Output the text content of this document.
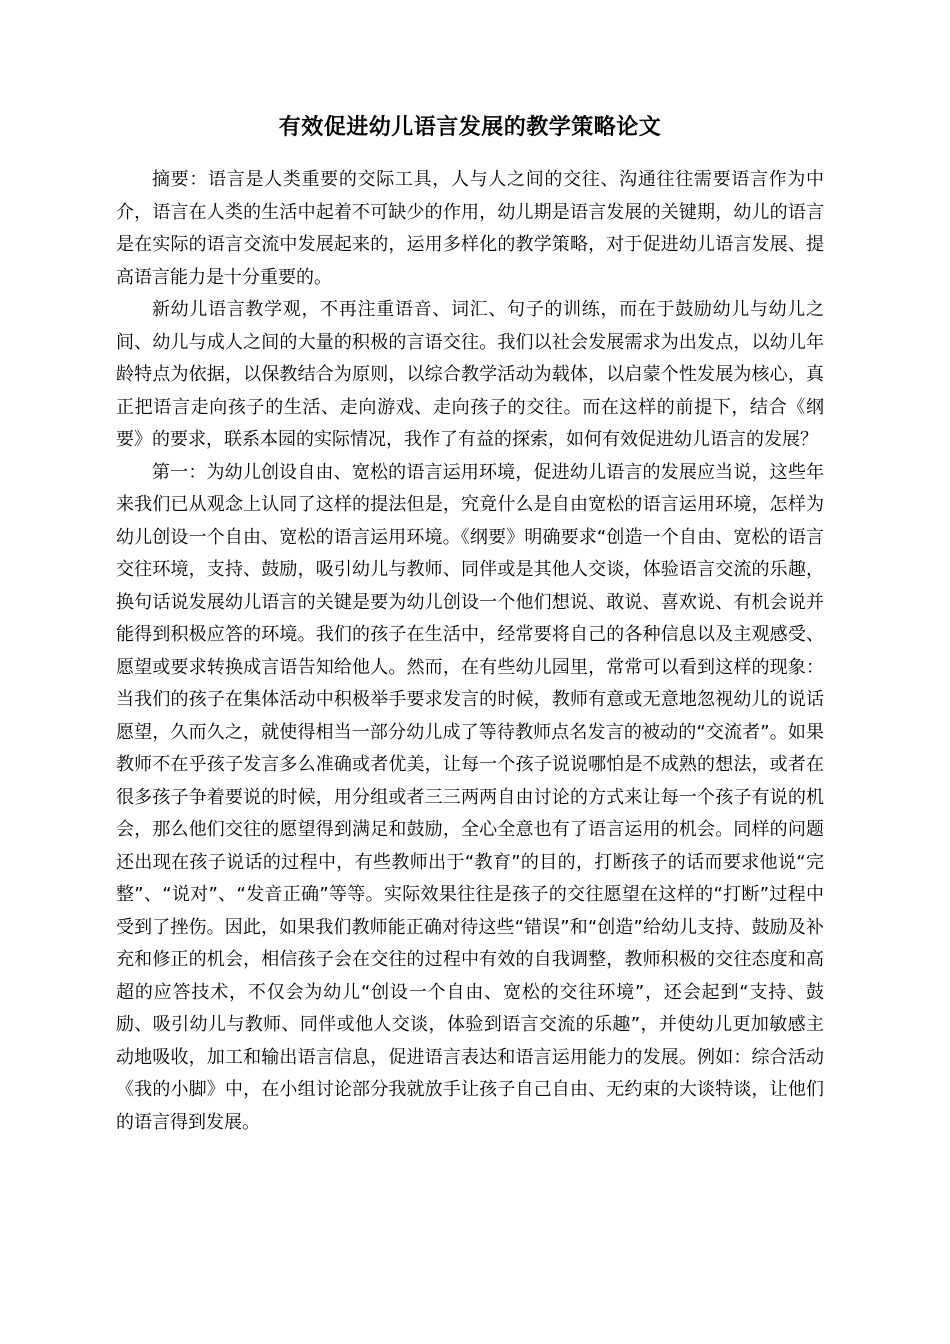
有效促进幼儿语言发展的教学策略论文

摘要：语言是人类重要的交际工具，人与人之间的交往、沟通往往需要语言作为中介，语言在人类的生活中起着不可缺少的作用，幼儿期是语言发展的关键期，幼儿的语言是在实际的语言交流中发展起来的，运用多样化的教学策略，对于促进幼儿语言发展、提高语言能力是十分重要的。

新幼儿语言教学观，不再注重语音、词汇、句子的训练，而在于鼓励幼儿与幼儿之间、幼儿与成人之间的大量的积极的言语交往。我们以社会发展需求为出发点，以幼儿年龄特点为依据，以保教结合为原则，以综合教学活动为载体，以启蒙个性发展为核心，真正把语言走向孩子的生活、走向游戏、走向孩子的交往。而在这样的前提下，结合《纲要》的要求，联系本园的实际情况，我作了有益的探索，如何有效促进幼儿语言的发展？

第一：为幼儿创设自由、宽松的语言运用环境，促进幼儿语言的发展应当说，这些年来我们已从观念上认同了这样的提法但是，究竟什么是自由宽松的语言运用环境，怎样为幼儿创设一个自由、宽松的语言运用环境。《纲要》明确要求“创造一个自由、宽松的语言交往环境，支持、鼓励，吸引幼儿与教师、同伴或是其他人交谈，体验语言交流的乐趣，换句话说发展幼儿语言的关键是要为幼儿创设一个他们想说、敢说、喜欢说、有机会说并能得到积极应答的环境。我们的孩子在生活中，经常要将自己的各种信息以及主观感受、愿望或要求转换成言语告知给他人。然而，在有些幼儿园里，常常可以看到这样的现象：当我们的孩子在集体活动中积极举手要求发言的时候，教师有意或无意地忽视幼儿的说话愿望，久而久之，就使得相当一部分幼儿成了等待教师点名发言的被动的“交流者”。如果教师不在乎孩子发言多么准确或者优美，让每一个孩子说说哪怕是不成熟的想法，或者在很多孩子争着要说的时候，用分组或者三三两两自由讨论的方式来让每一个孩子有说的机会，那么他们交往的愿望得到满足和鼓励，全心全意也有了语言运用的机会。同样的问题还出现在孩子说话的过程中，有些教师出于“教育”的目的，打断孩子的话而要求他说“完整”、“说对”、“发音正确”等等。实际效果往往是孩子的交往愿望在这样的“打断”过程中受到了挫伤。因此，如果我们教师能正确对待这些“错误”和“创造”给幼儿支持、鼓励及补充和修正的机会，相信孩子会在交往的过程中有效的自我调整，教师积极的交往态度和高超的应答技术，不仅会为幼儿“创设一个自由、宽松的交往环境”，还会起到“支持、鼓励、吸引幼儿与教师、同伴或他人交谈，体验到语言交流的乐趣”，并使幼儿更加敏感主动地吸收，加工和输出语言信息，促进语言表达和语言运用能力的发展。例如：综合活动《我的小脚》中，在小组讨论部分我就放手让孩子自己自由、无约束的大谈特谈，让他们的语言得到发展。
